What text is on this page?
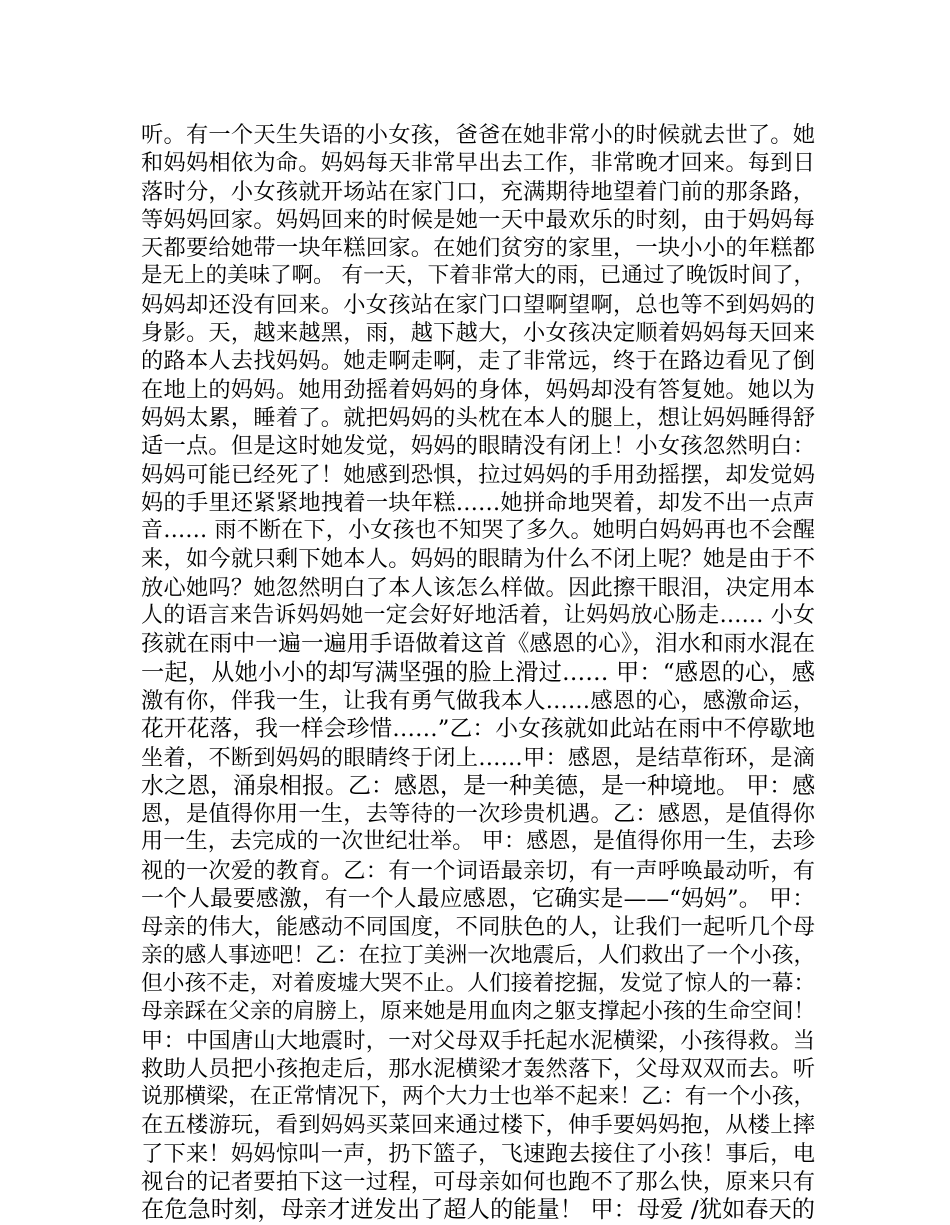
听。有一个天生失语的小女孩，爸爸在她非常小的时候就去世了。她
和妈妈相依为命。妈妈每天非常早出去工作，非常晚才回来。每到日
落时分，小女孩就开场站在家门口，充满期待地望着门前的那条路，
等妈妈回家。妈妈回来的时候是她一天中最欢乐的时刻，由于妈妈每
天都要给她带一块年糕回家。在她们贫穷的家里，一块小小的年糕都
是无上的美味了啊。 有一天，下着非常大的雨，已通过了晚饭时间了，
妈妈却还没有回来。小女孩站在家门口望啊望啊，总也等不到妈妈的
身影。天，越来越黑，雨，越下越大，小女孩决定顺着妈妈每天回来
的路本人去找妈妈。她走啊走啊，走了非常远，终于在路边看见了倒
在地上的妈妈。她用劲摇着妈妈的身体，妈妈却没有答复她。她以为
妈妈太累，睡着了。就把妈妈的头枕在本人的腿上，想让妈妈睡得舒
适一点。但是这时她发觉，妈妈的眼睛没有闭上！小女孩忽然明白：
妈妈可能已经死了！她感到恐惧，拉过妈妈的手用劲摇摆，却发觉妈
妈的手里还紧紧地拽着一块年糕……她拼命地哭着，却发不出一点声
音…… 雨不断在下，小女孩也不知哭了多久。她明白妈妈再也不会醒
来，如今就只剩下她本人。妈妈的眼睛为什么不闭上呢？她是由于不
放心她吗？她忽然明白了本人该怎么样做。因此擦干眼泪，决定用本
人的语言来告诉妈妈她一定会好好地活着，让妈妈放心肠走…… 小女
孩就在雨中一遍一遍用手语做着这首《感恩的心》，泪水和雨水混在
一起，从她小小的却写满坚强的脸上滑过…… 甲：“感恩的心，感
激有你，伴我一生，让我有勇气做我本人……感恩的心，感激命运，
花开花落，我一样会珍惜……”乙：小女孩就如此站在雨中不停歇地
坐着，不断到妈妈的眼睛终于闭上……甲：感恩，是结草衔环，是滴
水之恩，涌泉相报。乙：感恩，是一种美德，是一种境地。 甲：感
恩，是值得你用一生，去等待的一次珍贵机遇。乙：感恩，是值得你
用一生，去完成的一次世纪壮举。 甲：感恩，是值得你用一生，去珍
视的一次爱的教育。乙：有一个词语最亲切，有一声呼唤最动听，有
一个人最要感激，有一个人最应感恩，它确实是——“妈妈”。 甲：
母亲的伟大，能感动不同国度，不同肤色的人，让我们一起听几个母
亲的感人事迹吧！乙：在拉丁美洲一次地震后，人们救出了一个小孩，
但小孩不走，对着废墟大哭不止。人们接着挖掘，发觉了惊人的一幕：
母亲踩在父亲的肩膀上，原来她是用血肉之躯支撑起小孩的生命空间！
甲：中国唐山大地震时，一对父母双手托起水泥横梁，小孩得救。当
救助人员把小孩抱走后，那水泥横梁才轰然落下，父母双双而去。听
说那横梁，在正常情况下，两个大力士也举不起来！乙：有一个小孩，
在五楼游玩，看到妈妈买菜回来通过楼下，伸手要妈妈抱，从楼上摔
了下来！妈妈惊叫一声，扔下篮子，飞速跑去接住了小孩！事后，电
视台的记者要拍下这一过程，可母亲如何也跑不了那么快，原来只有
在危急时刻，母亲才迸发出了超人的能量！ 甲：母爱 /犹如春天的
